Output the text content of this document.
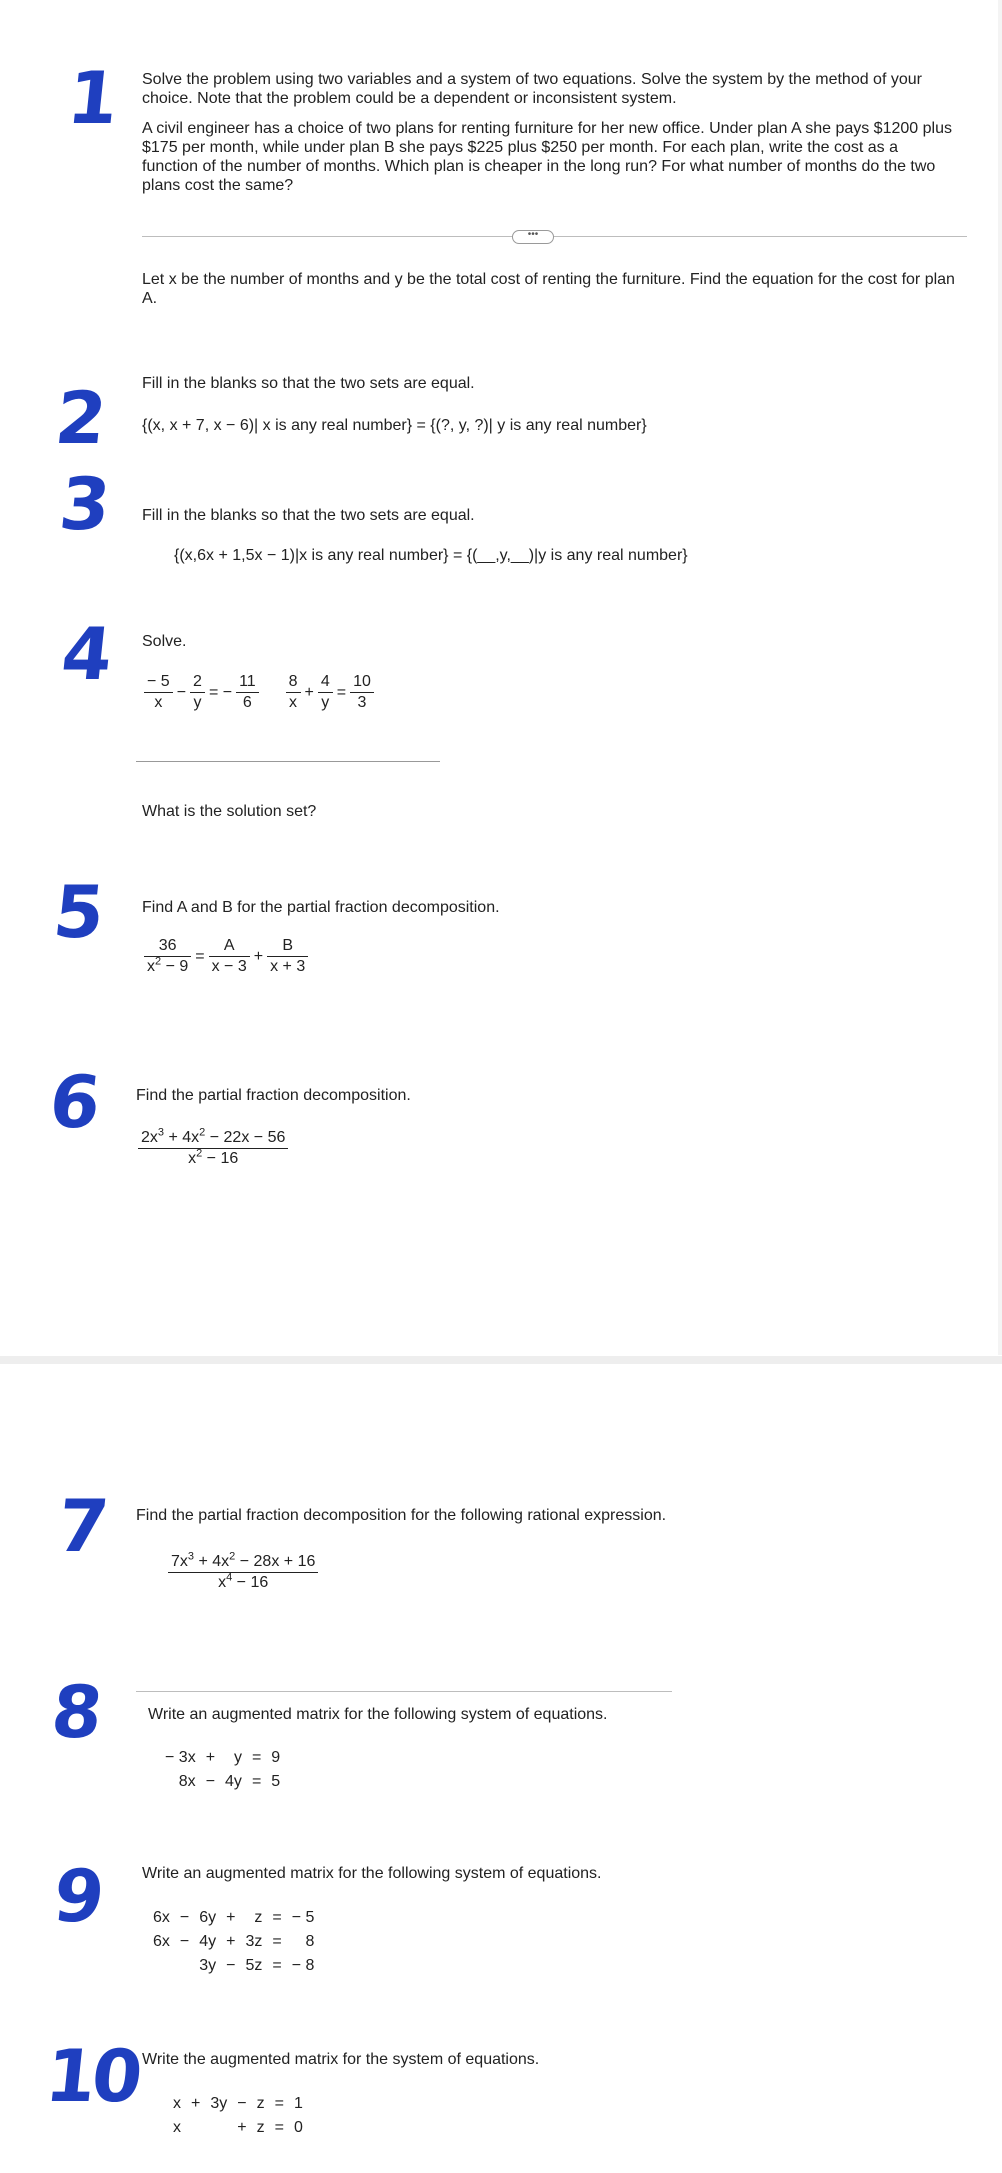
1 Solve the problem using two variables and a system of two equations. Solve the system by the method of your choice. Note that the problem could be a dependent or inconsistent system.

A civil engineer has a choice of two plans for renting furniture for her new office. Under plan A she pays $1200 plus $175 per month, while under plan B she pays $225 plus $250 per month. For each plan, write the cost as a function of the number of months. Which plan is cheaper in the long run? For what number of months do the two plans cost the same?

•••
Let x be the number of months and y be the total cost of renting the furniture. Find the equation for the cost for plan A.
2 Fill in the blanks so that the two sets are equal.
{(x, x + 7, x − 6)| x is any real number} = {(?, y, ?)| y is any real number}
3 Fill in the blanks so that the two sets are equal.
{(x,6x + 1,5x − 1)|x is any real number} = {(__,y,__)|y is any real number}
4 Solve.
$\frac{- 5}{x} - \frac{2}{y}$ = − $\frac{11}{6}$
$\frac{8}{x} + \frac{4}{y} = \frac{10}{3}$
What is the solution set?
5 Find A and B for the partial fraction decomposition.
$\frac{36}{x^2 - 9} = \frac{A}{x - 3} + \frac{B}{x + 3}$
6 Find the partial fraction decomposition.
$\frac{2x^3 + 4x^2 - 22x - 56}{x^2 - 16}$
7 Find the partial fraction decomposition for the following rational expression.
$\frac{7x^3 + 4x^2 - 28x + 16}{x^4 - 16}$
8	Write an augmented matrix for the following system of equations.
− 3x	+	y	=	9
8x	−	4y	=	5
9 Write an augmented matrix for the following system of equations.
6x	−	6y	+	z	=	− 5
6x	−	4y	+	3z	=	8
		3y	−	5z	=	− 8
10 Write the augmented matrix for the system of equations.
x	+	3y	−	z	=	1
x			+	z	=	0
